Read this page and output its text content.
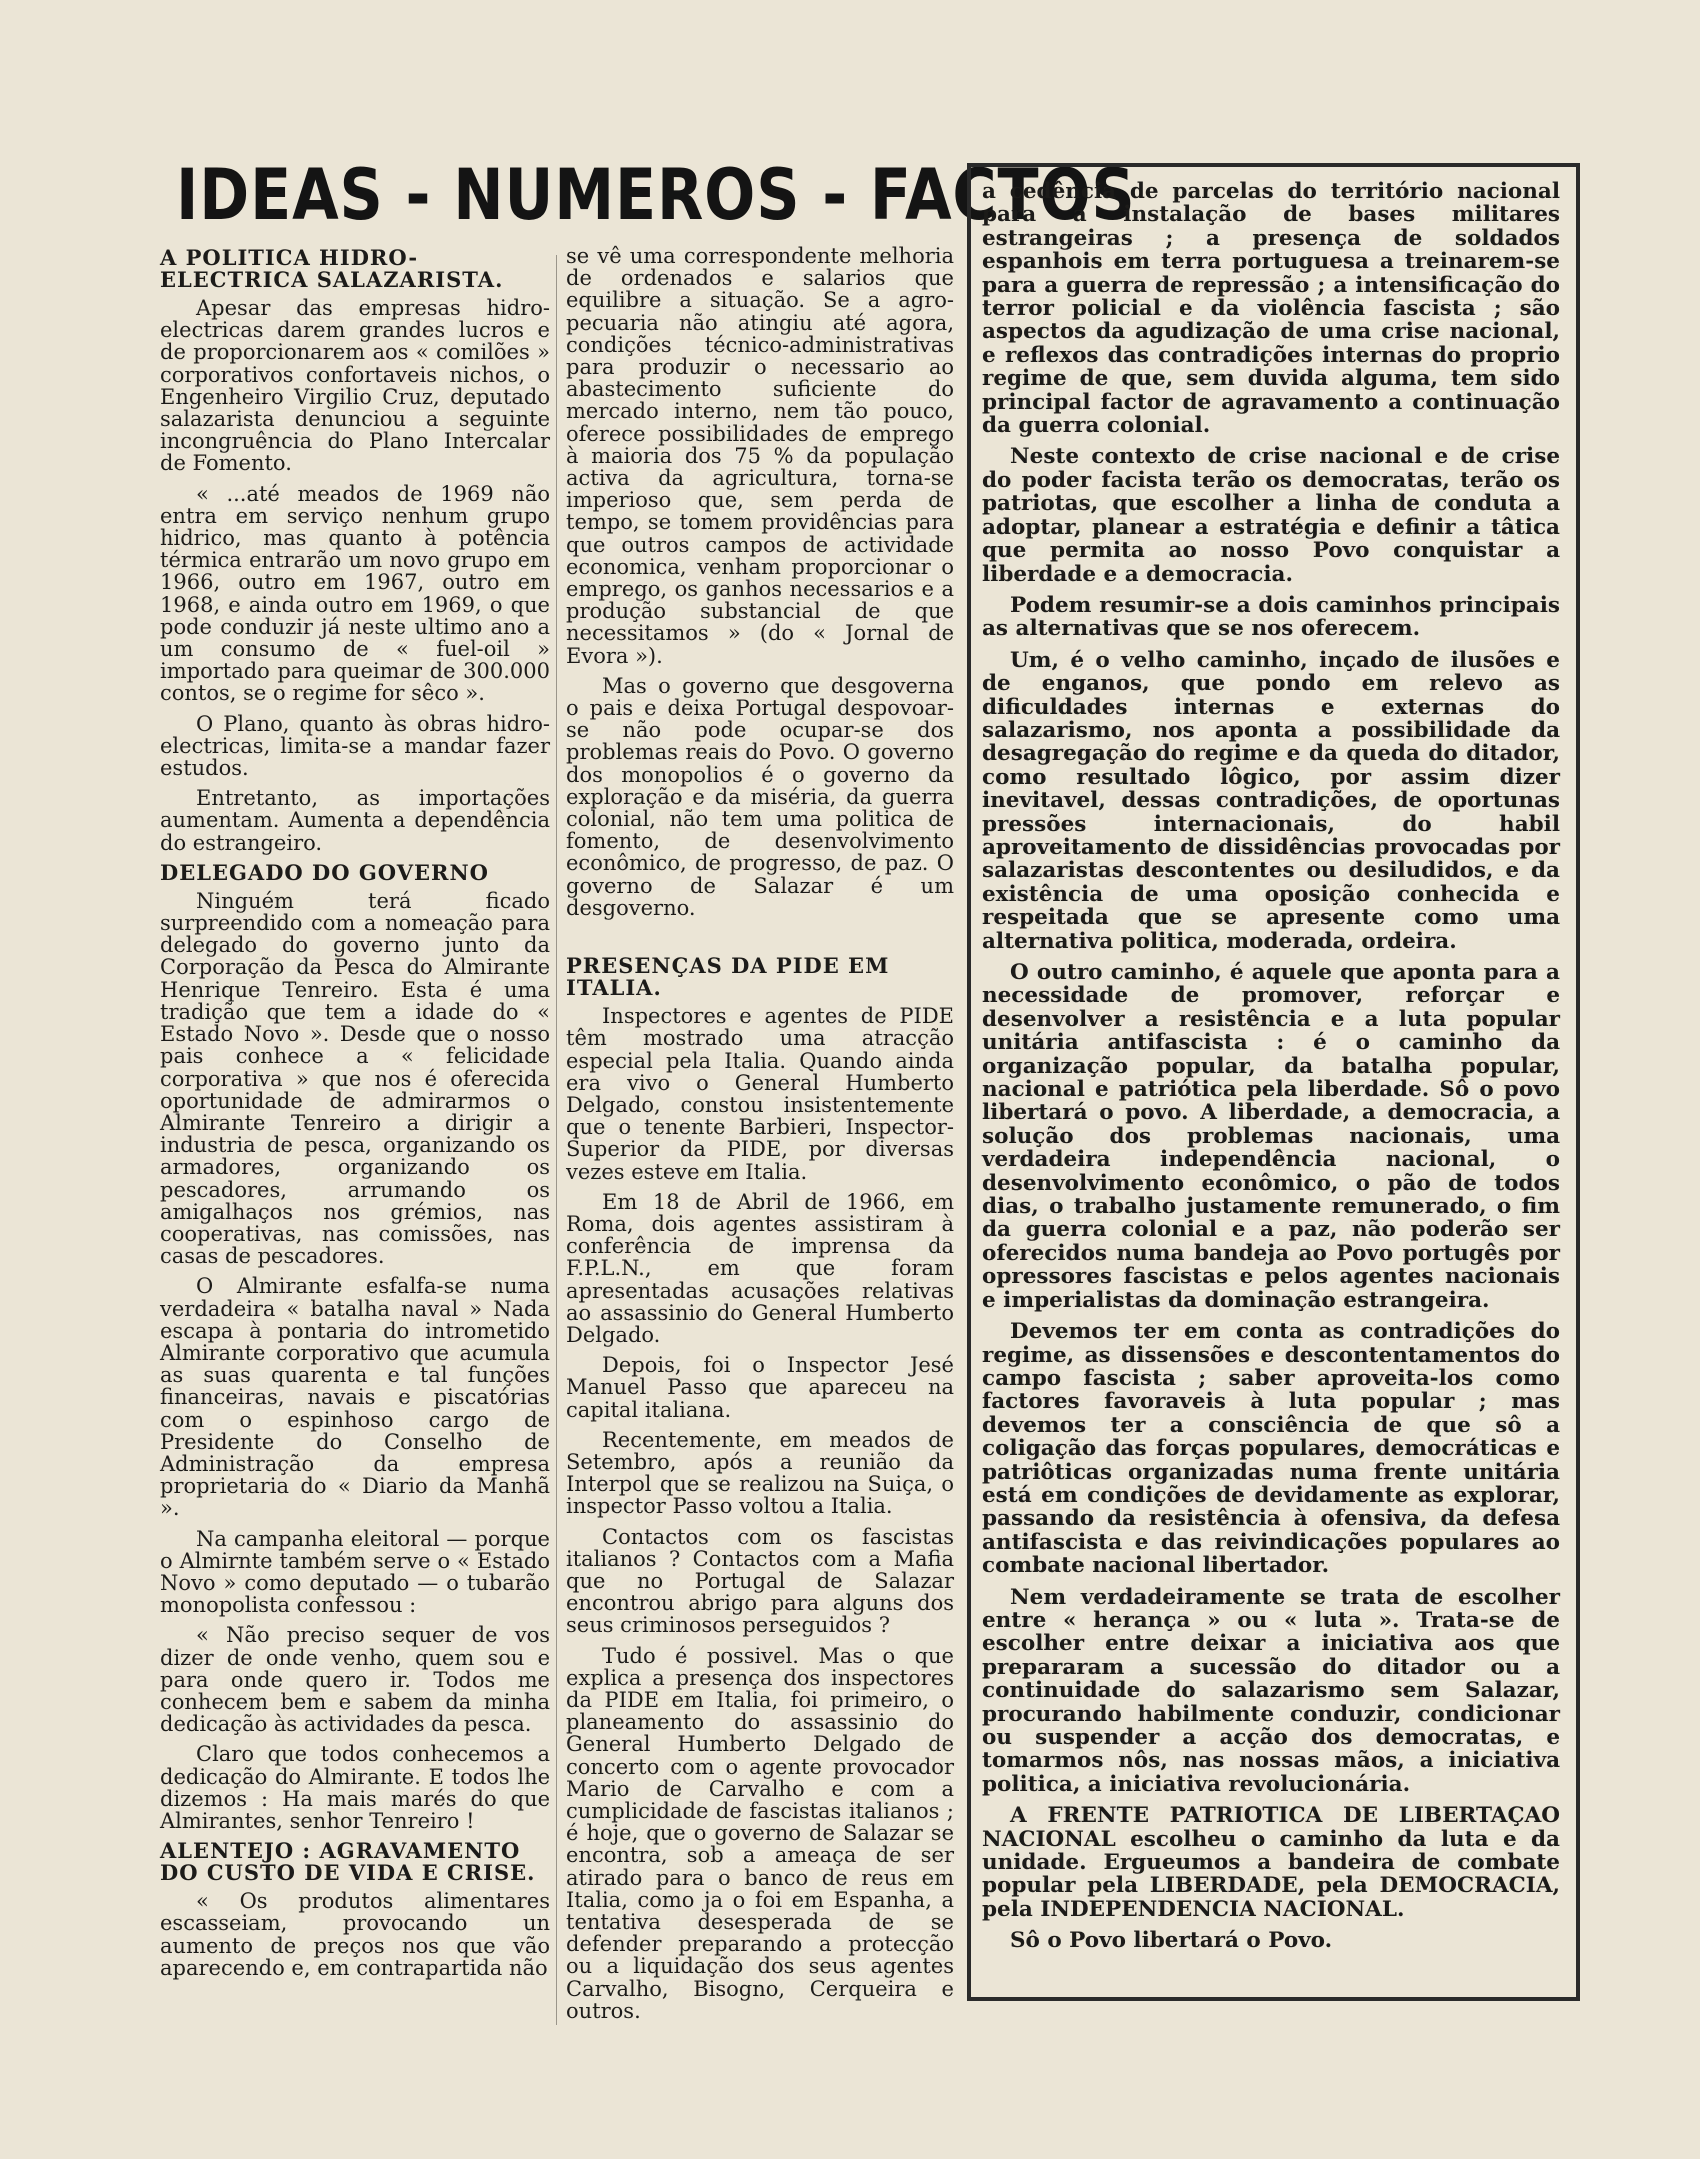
IDEAS - NUMEROS - FACTOS
A POLITICA HIDRO-ELECTRICA SALAZARISTA.

Apesar das empresas hidro-electricas darem grandes lucros e de proporcionarem aos « comilões » corporativos confortaveis nichos, o Engenheiro Virgilio Cruz, deputado salazarista denunciou a seguinte incongruência do Plano Intercalar de Fomento.

« ...até meados de 1969 não entra em serviço nenhum grupo hidrico, mas quanto à potência térmica entrarão um novo grupo em 1966, outro em 1967, outro em 1968, e ainda outro em 1969, o que pode conduzir já neste ultimo ano a um consumo de « fuel-oil » importado para queimar de 300.000 contos, se o regime for sêco ».

O Plano, quanto às obras hidro-electricas, limita-se a mandar fazer estudos.

Entretanto, as importações aumentam. Aumenta a dependência do estrangeiro.

DELEGADO DO GOVERNO

Ninguém terá ficado surpreendido com a nomeação para delegado do governo junto da Corporação da Pesca do Almirante Henrique Tenreiro. Esta é uma tradição que tem a idade do « Estado Novo ». Desde que o nosso pais conhece a « felicidade corporativa » que nos é oferecida oportunidade de admirarmos o Almirante Tenreiro a dirigir a industria de pesca, organizando os armadores, organizando os pescadores, arrumando os amigalhaços nos grémios, nas cooperativas, nas comissões, nas casas de pescadores.

O Almirante esfalfa-se numa verdadeira « batalha naval » Nada escapa à pontaria do intrometido Almirante corporativo que acumula as suas quarenta e tal funções financeiras, navais e piscatórias com o espinhoso cargo de Presidente do Conselho de Administração da empresa proprietaria do « Diario da Manhã ».

Na campanha eleitoral — porque o Almirnte também serve o « Estado Novo » como deputado — o tubarão monopolista confessou :

« Não preciso sequer de vos dizer de onde venho, quem sou e para onde quero ir. Todos me conhecem bem e sabem da minha dedicação às actividades da pesca.

Claro que todos conhecemos a dedicação do Almirante. E todos lhe dizemos : Ha mais marés do que Almirantes, senhor Tenreiro !

ALENTEJO : AGRAVAMENTO DO CUSTO DE VIDA E CRISE.

« Os produtos alimentares escasseiam, provocando un aumento de preços nos que vão aparecendo e, em contrapartida não

se vê uma correspondente melhoria de ordenados e salarios que equilibre a situação. Se a agro-pecuaria não atingiu até agora, condições técnico-administrativas para produzir o necessario ao abastecimento suficiente do mercado interno, nem tão pouco, oferece possibilidades de emprego à maioria dos 75 % da população activa da agricultura, torna-se imperioso que, sem perda de tempo, se tomem providências para que outros campos de actividade economica, venham proporcionar o emprego, os ganhos necessarios e a produção substancial de que necessitamos » (do « Jornal de Evora »).

Mas o governo que desgoverna o pais e deixa Portugal despovoar-se não pode ocupar-se dos problemas reais do Povo. O governo dos monopolios é o governo da exploração e da miséria, da guerra colonial, não tem uma politica de fomento, de desenvolvimento econômico, de progresso, de paz. O governo de Salazar é um desgoverno.

PRESENÇAS DA PIDE EM ITALIA.

Inspectores e agentes de PIDE têm mostrado uma atracção especial pela Italia. Quando ainda era vivo o General Humberto Delgado, constou insistentemente que o tenente Barbieri, Inspector-Superior da PIDE, por diversas vezes esteve em Italia.

Em 18 de Abril de 1966, em Roma, dois agentes assistiram à conferência de imprensa da F.P.L.N., em que foram apresentadas acusações relativas ao assassinio do General Humberto Delgado.

Depois, foi o Inspector Jesé Manuel Passo que apareceu na capital italiana.

Recentemente, em meados de Setembro, após a reunião da Interpol que se realizou na Suiça, o inspector Passo voltou a Italia.

Contactos com os fascistas italianos ? Contactos com a Mafia que no Portugal de Salazar encontrou abrigo para alguns dos seus criminosos perseguidos ?

Tudo é possivel. Mas o que explica a presença dos inspectores da PIDE em Italia, foi primeiro, o planeamento do assassinio do General Humberto Delgado de concerto com o agente provocador Mario de Carvalho e com a cumplicidade de fascistas italianos ; é hoje, que o governo de Salazar se encontra, sob a ameaça de ser atirado para o banco de reus em Italia, como ja o foi em Espanha, a tentativa desesperada de se defender preparando a protecção ou a liquidação dos seus agentes Carvalho, Bisogno, Cerqueira e outros.

a cedência de parcelas do território nacional para a instalação de bases militares estrangeiras ; a presença de soldados espanhois em terra portuguesa a treinarem-se para a guerra de repressão ; a intensificação do terror policial e da violência fascista ; são aspectos da agudização de uma crise nacional, e reflexos das contradições internas do proprio regime de que, sem duvida alguma, tem sido principal factor de agravamento a continuação da guerra colonial.

Neste contexto de crise nacional e de crise do poder facista terão os democratas, terão os patriotas, que escolher a linha de conduta a adoptar, planear a estratégia e definir a tâtica que permita ao nosso Povo conquistar a liberdade e a democracia.

Podem resumir-se a dois caminhos principais as alternativas que se nos oferecem.

Um, é o velho caminho, inçado de ilusões e de enganos, que pondo em relevo as dificuldades internas e externas do salazarismo, nos aponta a possibilidade da desagregação do regime e da queda do ditador, como resultado lôgico, por assim dizer inevitavel, dessas contradições, de oportunas pressões internacionais, do habil aproveitamento de dissidências provocadas por salazaristas descontentes ou desiludidos, e da existência de uma oposição conhecida e respeitada que se apresente como uma alternativa politica, moderada, ordeira.

O outro caminho, é aquele que aponta para a necessidade de promover, reforçar e desenvolver a resistência e a luta popular unitária antifascista : é o caminho da organização popular, da batalha popular, nacional e patriótica pela liberdade. Sô o povo libertará o povo. A liberdade, a democracia, a solução dos problemas nacionais, uma verdadeira independência nacional, o desenvolvimento econômico, o pão de todos dias, o trabalho justamente remunerado, o fim da guerra colonial e a paz, não poderão ser oferecidos numa bandeja ao Povo portugês por opressores fascistas e pelos agentes nacionais e imperialistas da dominação estrangeira.

Devemos ter em conta as contradições do regime, as dissensões e descontentamentos do campo fascista ; saber aproveita-los como factores favoraveis à luta popular ; mas devemos ter a consciência de que sô a coligação das forças populares, democráticas e patriôticas organizadas numa frente unitária está em condições de devidamente as explorar, passando da resistência à ofensiva, da defesa antifascista e das reivindicações populares ao combate nacional libertador.

Nem verdadeiramente se trata de escolher entre « herança » ou « luta ». Trata-se de escolher entre deixar a iniciativa aos que prepararam a sucessão do ditador ou a continuidade do salazarismo sem Salazar, procurando habilmente conduzir, condicionar ou suspender a acção dos democratas, e tomarmos nôs, nas nossas mãos, a iniciativa politica, a iniciativa revolucionária.

A FRENTE PATRIOTICA DE LIBERTAÇAO NACIONAL escolheu o caminho da luta e da unidade. Ergueumos a bandeira de combate popular pela LIBERDADE, pela DEMOCRACIA, pela INDEPENDENCIA NACIONAL.

Sô o Povo libertará o Povo.
